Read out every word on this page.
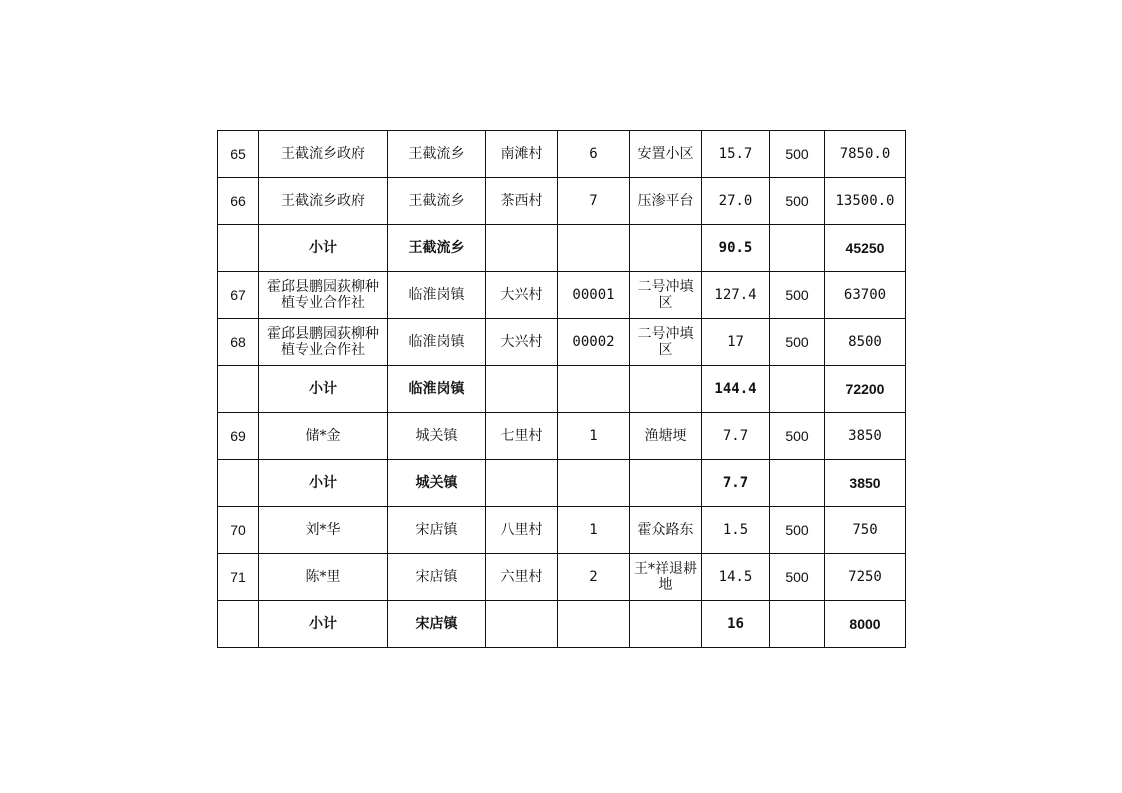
65	王截流乡政府	王截流乡	南滩村	6	安置小区	15.7	500	7850.0
66	王截流乡政府	王截流乡	茶西村	7	压渗平台	27.0	500	13500.0
	小计	王截流乡				90.5		45250
67	霍邱县鹏园荻柳种植专业合作社	临淮岗镇	大兴村	00001	二号冲填区	127.4	500	63700
68	霍邱县鹏园荻柳种植专业合作社	临淮岗镇	大兴村	00002	二号冲填区	17	500	8500
	小计	临淮岗镇				144.4		72200
69	储*金	城关镇	七里村	1	渔塘埂	7.7	500	3850
	小计	城关镇				7.7		3850
70	刘*华	宋店镇	八里村	1	霍众路东	1.5	500	750
71	陈*里	宋店镇	六里村	2	王*祥退耕地	14.5	500	7250
	小计	宋店镇				16		8000
